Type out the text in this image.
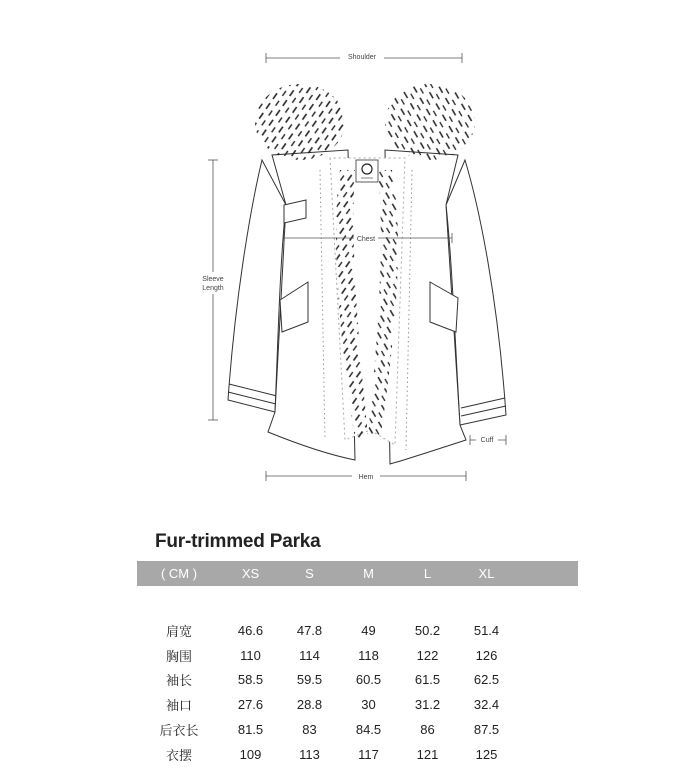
Shoulder
Chest
Sleeve
Length
Cuff
Hem
Fur-trimmed Parka
( CM )	XS	S	M	L	XL
肩宽	46.6	47.8	49	50.2	51.4
胸围	110	114	118	122	126
袖长	58.5	59.5	60.5	61.5	62.5
袖口	27.6	28.8	30	31.2	32.4
后衣长	81.5	83	84.5	86	87.5
衣摆	109	113	117	121	125
